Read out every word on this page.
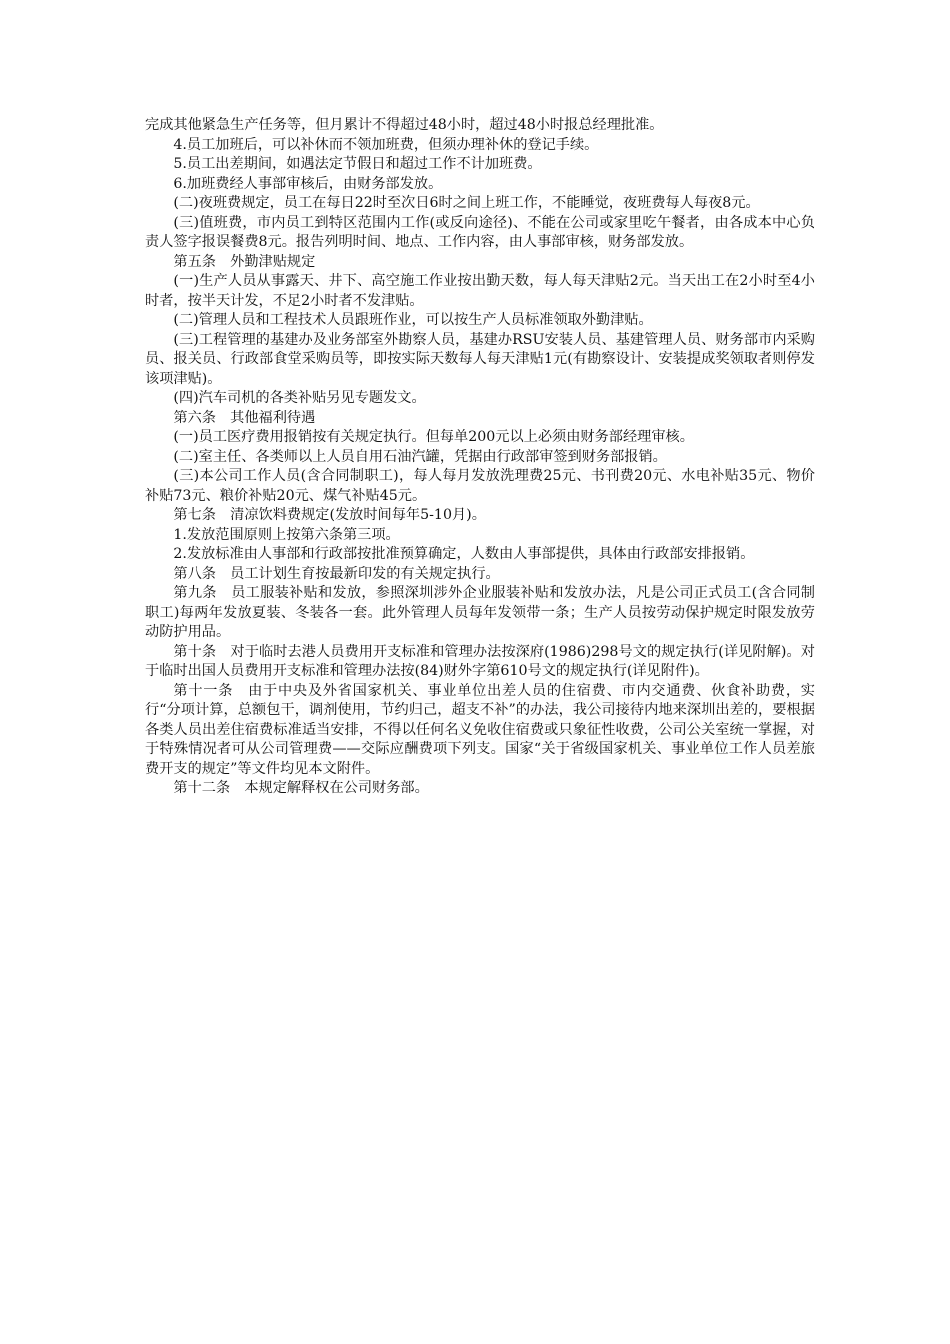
完成其他紧急生产任务等，但月累计不得超过48小时，超过48小时报总经理批准。

4.员工加班后，可以补休而不领加班费，但须办理补休的登记手续。

5.员工出差期间，如遇法定节假日和超过工作不计加班费。

6.加班费经人事部审核后，由财务部发放。

(二)夜班费规定，员工在每日22时至次日6时之间上班工作，不能睡觉，夜班费每人每夜8元。

(三)值班费，市内员工到特区范围内工作(或反向途径)、不能在公司或家里吃午餐者，由各成本中心负责人签字报误餐费8元。报告列明时间、地点、工作内容，由人事部审核，财务部发放。

第五条　外勤津贴规定

(一)生产人员从事露天、井下、高空施工作业按出勤天数，每人每天津贴2元。当天出工在2小时至4小时者，按半天计发，不足2小时者不发津贴。

(二)管理人员和工程技术人员跟班作业，可以按生产人员标准领取外勤津贴。

(三)工程管理的基建办及业务部室外勘察人员，基建办RSU安装人员、基建管理人员、财务部市内采购员、报关员、行政部食堂采购员等，即按实际天数每人每天津贴1元(有勘察设计、安装提成奖领取者则停发该项津贴)。

(四)汽车司机的各类补贴另见专题发文。

第六条　其他福利待遇

(一)员工医疗费用报销按有关规定执行。但每单200元以上必须由财务部经理审核。

(二)室主任、各类师以上人员自用石油汽罐，凭据由行政部审签到财务部报销。

(三)本公司工作人员(含合同制职工)，每人每月发放洗理费25元、书刊费20元、水电补贴35元、物价补贴73元、粮价补贴20元、煤气补贴45元。

第七条　清凉饮料费规定(发放时间每年5-10月)。

1.发放范围原则上按第六条第三项。

2.发放标准由人事部和行政部按批准预算确定，人数由人事部提供，具体由行政部安排报销。

第八条　员工计划生育按最新印发的有关规定执行。

第九条　员工服装补贴和发放，参照深圳涉外企业服装补贴和发放办法，凡是公司正式员工(含合同制职工)每两年发放夏装、冬装各一套。此外管理人员每年发领带一条；生产人员按劳动保护规定时限发放劳动防护用品。

第十条　对于临时去港人员费用开支标准和管理办法按深府(1986)298号文的规定执行(详见附解)。对于临时出国人员费用开支标准和管理办法按(84)财外字第610号文的规定执行(详见附件)。

第十一条　由于中央及外省国家机关、事业单位出差人员的住宿费、市内交通费、伙食补助费，实行“分项计算，总额包干，调剂使用，节约归己，超支不补”的办法，我公司接待内地来深圳出差的，要根据各类人员出差住宿费标准适当安排，不得以任何名义免收住宿费或只象征性收费，公司公关室统一掌握，对于特殊情况者可从公司管理费——交际应酬费项下列支。国家“关于省级国家机关、事业单位工作人员差旅费开支的规定”等文件均见本文附件。

第十二条　本规定解释权在公司财务部。
